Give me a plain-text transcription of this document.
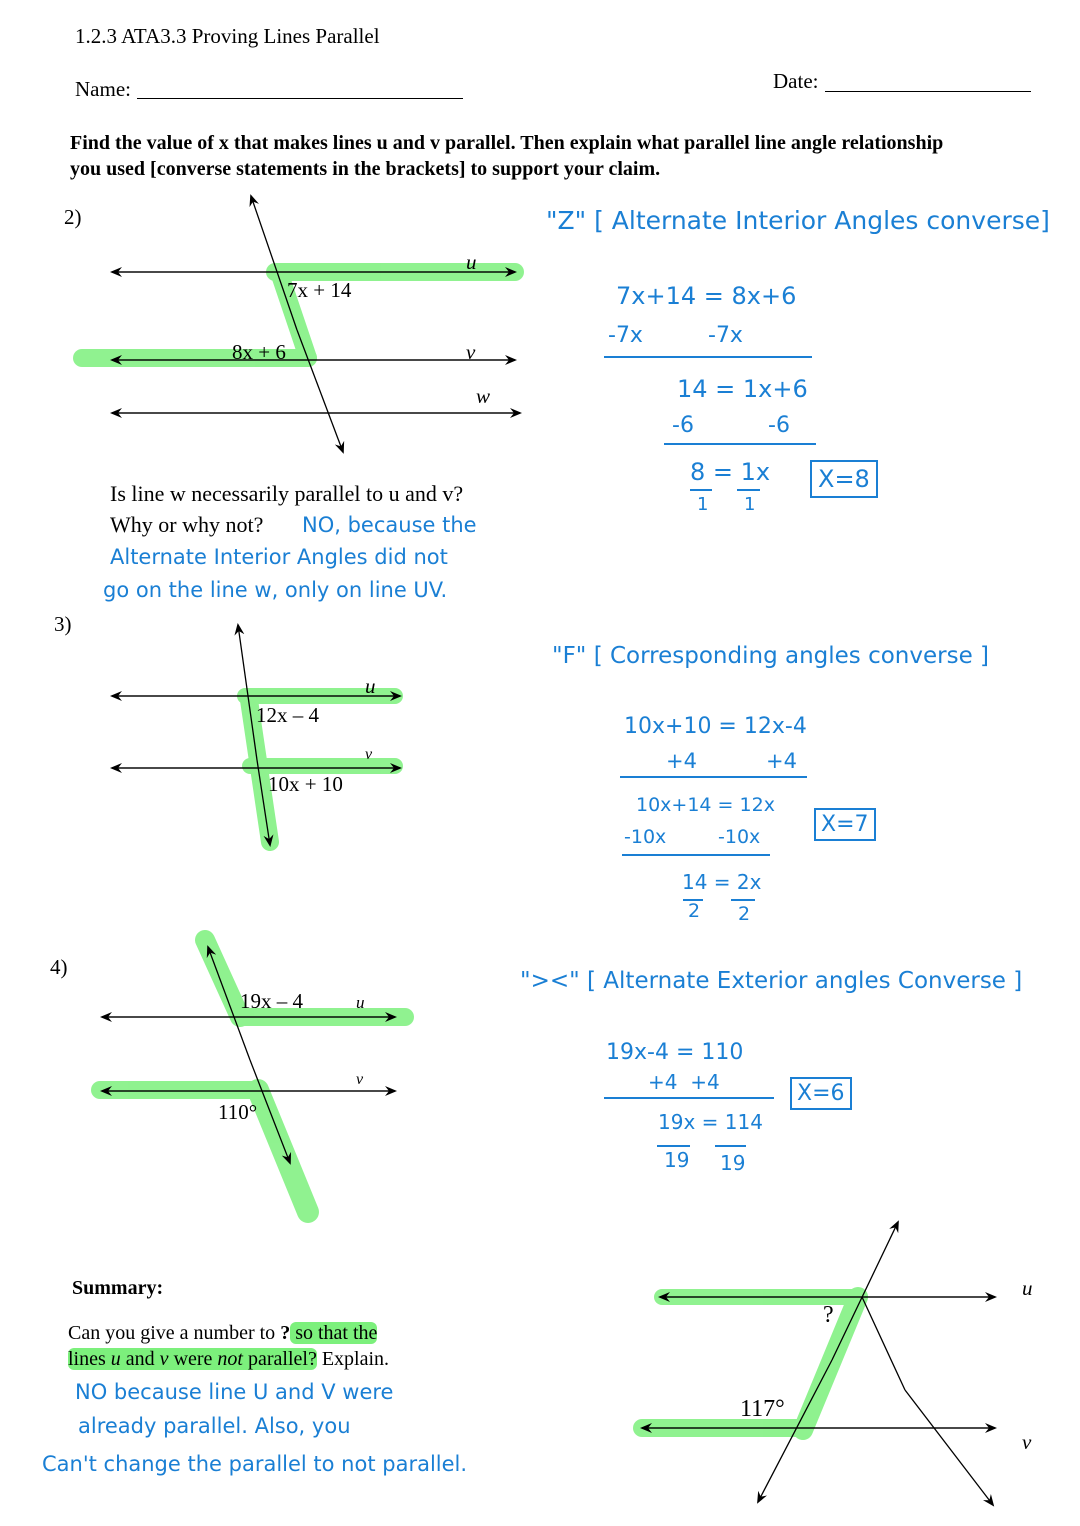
1.2.3 ATA3.3 Proving Lines Parallel
Name:	Date:
Find the value of x that makes lines u and v parallel. Then explain what parallel line angle relationship you used [converse statements in the brackets] to support your claim.
2)
7x + 14
8x + 6
u
v
w
"Z" [ Alternate Interior Angles converse]
7x+14 = 8x+6
-7x	-7x
14 = 1x+6
-6	-6
8 = 1x
1 1
X=8
Is line w necessarily parallel to u and v?
Why or why not? NO, because the
Alternate Interior Angles did not
go on the line w, only on line UV.
3)
12x – 4
10x + 10
u
v
"F" [ Corresponding angles converse ]
10x+10 = 12x-4
+4	+4
10x+14 = 12x
-10x	-10x
14 = 2x
2 2
X=7
4)
19x – 4
110°
u
v
"><" [ Alternate Exterior angles Converse ]
19x-4 = 110
+4  +4
19x = 114
19 19
X=6
Summary:
Can you give a number to ? so that the
lines u and v were not parallel? Explain.
NO because line U and V were
already parallel. Also, you
Can't change the parallel to not parallel.
?
117°
u
v
